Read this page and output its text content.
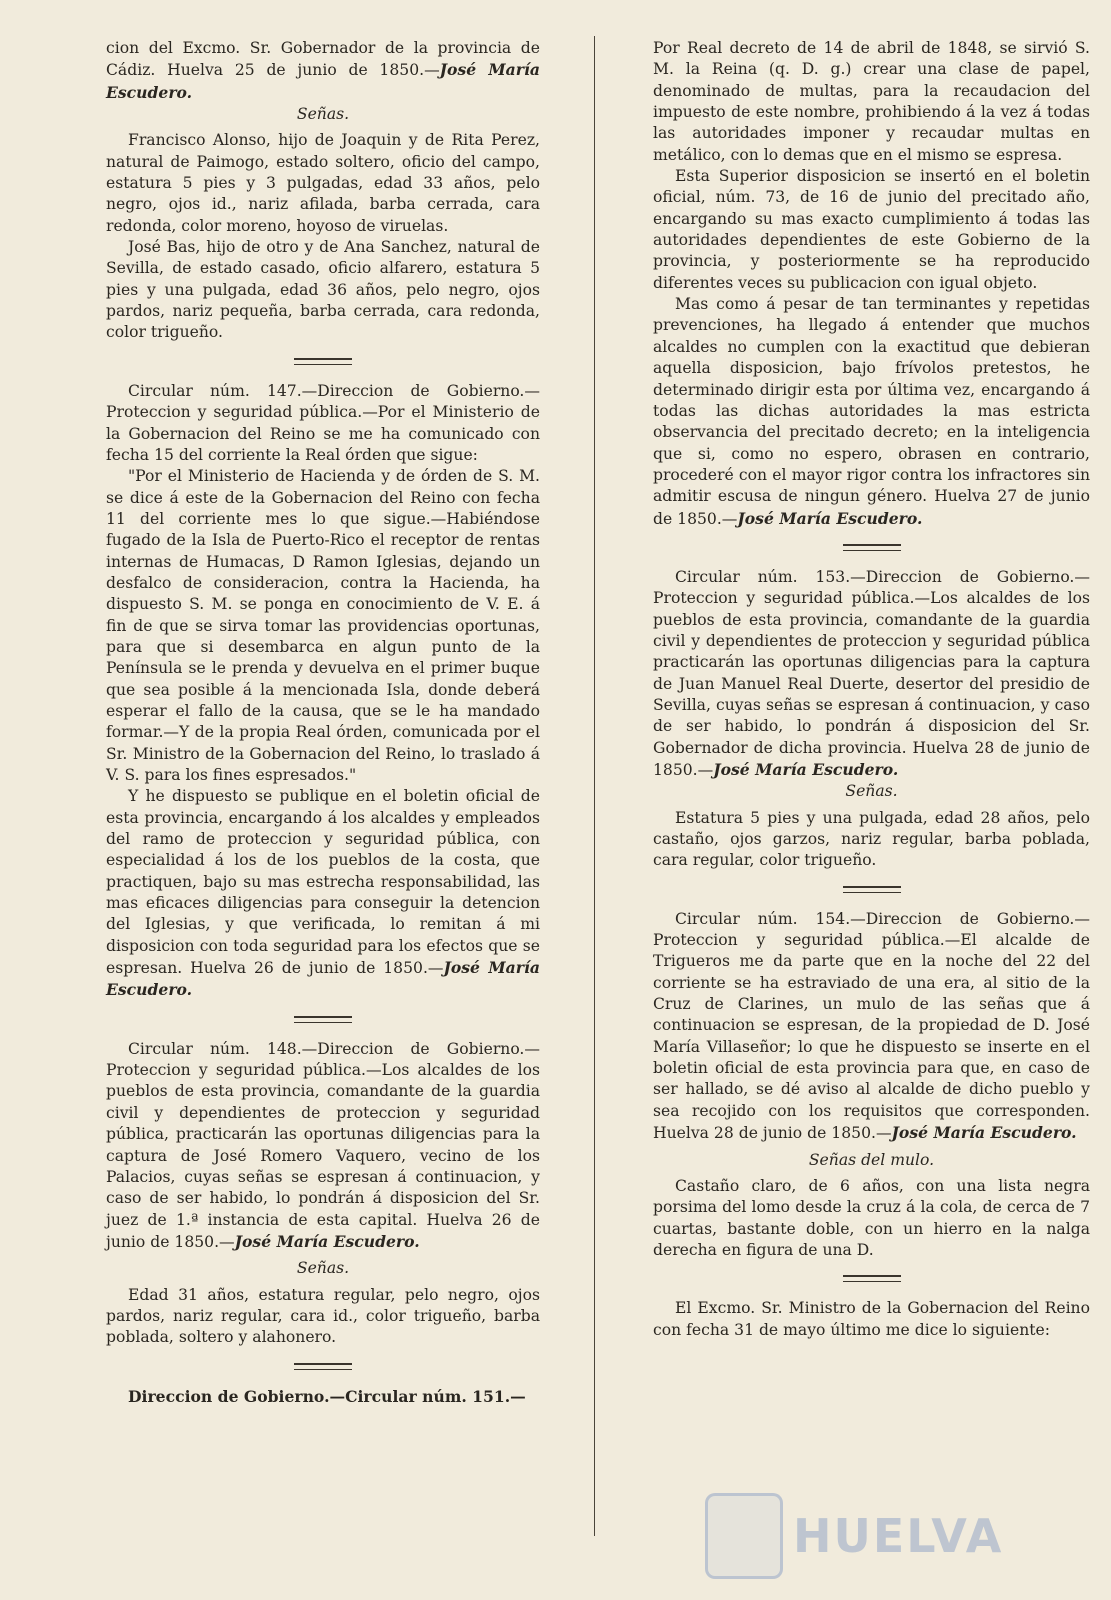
cion del Excmo. Sr. Gobernador de la provincia de Cádiz. Huelva 25 de junio de 1850.—José María Escudero.

Señas.

Francisco Alonso, hijo de Joaquin y de Rita Perez, natural de Paimogo, estado soltero, oficio del campo, estatura 5 pies y 3 pulgadas, edad 33 años, pelo negro, ojos id., nariz afilada, barba cerrada, cara redonda, color moreno, hoyoso de viruelas.

José Bas, hijo de otro y de Ana Sanchez, natural de Sevilla, de estado casado, oficio alfarero, estatura 5 pies y una pulgada, edad 36 años, pelo negro, ojos pardos, nariz pequeña, barba cerrada, cara redonda, color trigueño.

Circular núm. 147.—Direccion de Gobierno.—Proteccion y seguridad pública.—Por el Ministerio de la Gobernacion del Reino se me ha comunicado con fecha 15 del corriente la Real órden que sigue:

"Por el Ministerio de Hacienda y de órden de S. M. se dice á este de la Gobernacion del Reino con fecha 11 del corriente mes lo que sigue.—Habiéndose fugado de la Isla de Puerto-Rico el receptor de rentas internas de Humacas, D Ramon Iglesias, dejando un desfalco de consideracion, contra la Hacienda, ha dispuesto S. M. se ponga en conocimiento de V. E. á fin de que se sirva tomar las providencias oportunas, para que si desembarca en algun punto de la Península se le prenda y devuelva en el primer buque que sea posible á la mencionada Isla, donde deberá esperar el fallo de la causa, que se le ha mandado formar.—Y de la propia Real órden, comunicada por el Sr. Ministro de la Gobernacion del Reino, lo traslado á V. S. para los fines espresados."

Y he dispuesto se publique en el boletin oficial de esta provincia, encargando á los alcaldes y empleados del ramo de proteccion y seguridad pública, con especialidad á los de los pueblos de la costa, que practiquen, bajo su mas estrecha responsabilidad, las mas eficaces diligencias para conseguir la detencion del Iglesias, y que verificada, lo remitan á mi disposicion con toda seguridad para los efectos que se espresan. Huelva 26 de junio de 1850.—José María Escudero.

Circular núm. 148.—Direccion de Gobierno.—Proteccion y seguridad pública.—Los alcaldes de los pueblos de esta provincia, comandante de la guardia civil y dependientes de proteccion y seguridad pública, practicarán las oportunas diligencias para la captura de José Romero Vaquero, vecino de los Palacios, cuyas señas se espresan á continuacion, y caso de ser habido, lo pondrán á disposicion del Sr. juez de 1.ª instancia de esta capital. Huelva 26 de junio de 1850.—José María Escudero.

Señas.

Edad 31 años, estatura regular, pelo negro, ojos pardos, nariz regular, cara id., color trigueño, barba poblada, soltero y alahonero.

Direccion de Gobierno.—Circular núm. 151.—

Por Real decreto de 14 de abril de 1848, se sirvió S. M. la Reina (q. D. g.) crear una clase de papel, denominado de multas, para la recaudacion del impuesto de este nombre, prohibiendo á la vez á todas las autoridades imponer y recaudar multas en metálico, con lo demas que en el mismo se espresa.

Esta Superior disposicion se insertó en el boletin oficial, núm. 73, de 16 de junio del precitado año, encargando su mas exacto cumplimiento á todas las autoridades dependientes de este Gobierno de la provincia, y posteriormente se ha reproducido diferentes veces su publicacion con igual objeto.

Mas como á pesar de tan terminantes y repetidas prevenciones, ha llegado á entender que muchos alcaldes no cumplen con la exactitud que debieran aquella disposicion, bajo frívolos pretestos, he determinado dirigir esta por última vez, encargando á todas las dichas autoridades la mas estricta observancia del precitado decreto; en la inteligencia que si, como no espero, obrasen en contrario, procederé con el mayor rigor contra los infractores sin admitir escusa de ningun género. Huelva 27 de junio de 1850.—José María Escudero.

Circular núm. 153.—Direccion de Gobierno.—Proteccion y seguridad pública.—Los alcaldes de los pueblos de esta provincia, comandante de la guardia civil y dependientes de proteccion y seguridad pública practicarán las oportunas diligencias para la captura de Juan Manuel Real Duerte, desertor del presidio de Sevilla, cuyas señas se espresan á continuacion, y caso de ser habido, lo pondrán á disposicion del Sr. Gobernador de dicha provincia. Huelva 28 de junio de 1850.—José María Escudero.

Señas.

Estatura 5 pies y una pulgada, edad 28 años, pelo castaño, ojos garzos, nariz regular, barba poblada, cara regular, color trigueño.

Circular núm. 154.—Direccion de Gobierno.—Proteccion y seguridad pública.—El alcalde de Trigueros me da parte que en la noche del 22 del corriente se ha estraviado de una era, al sitio de la Cruz de Clarines, un mulo de las señas que á continuacion se espresan, de la propiedad de D. José María Villaseñor; lo que he dispuesto se inserte en el boletin oficial de esta provincia para que, en caso de ser hallado, se dé aviso al alcalde de dicho pueblo y sea recojido con los requisitos que corresponden. Huelva 28 de junio de 1850.—José María Escudero.

Señas del mulo.

Castaño claro, de 6 años, con una lista negra porsima del lomo desde la cruz á la cola, de cerca de 7 cuartas, bastante doble, con un hierro en la nalga derecha en figura de una D.

El Excmo. Sr. Ministro de la Gobernacion del Reino con fecha 31 de mayo último me dice lo siguiente:

HUELVA
